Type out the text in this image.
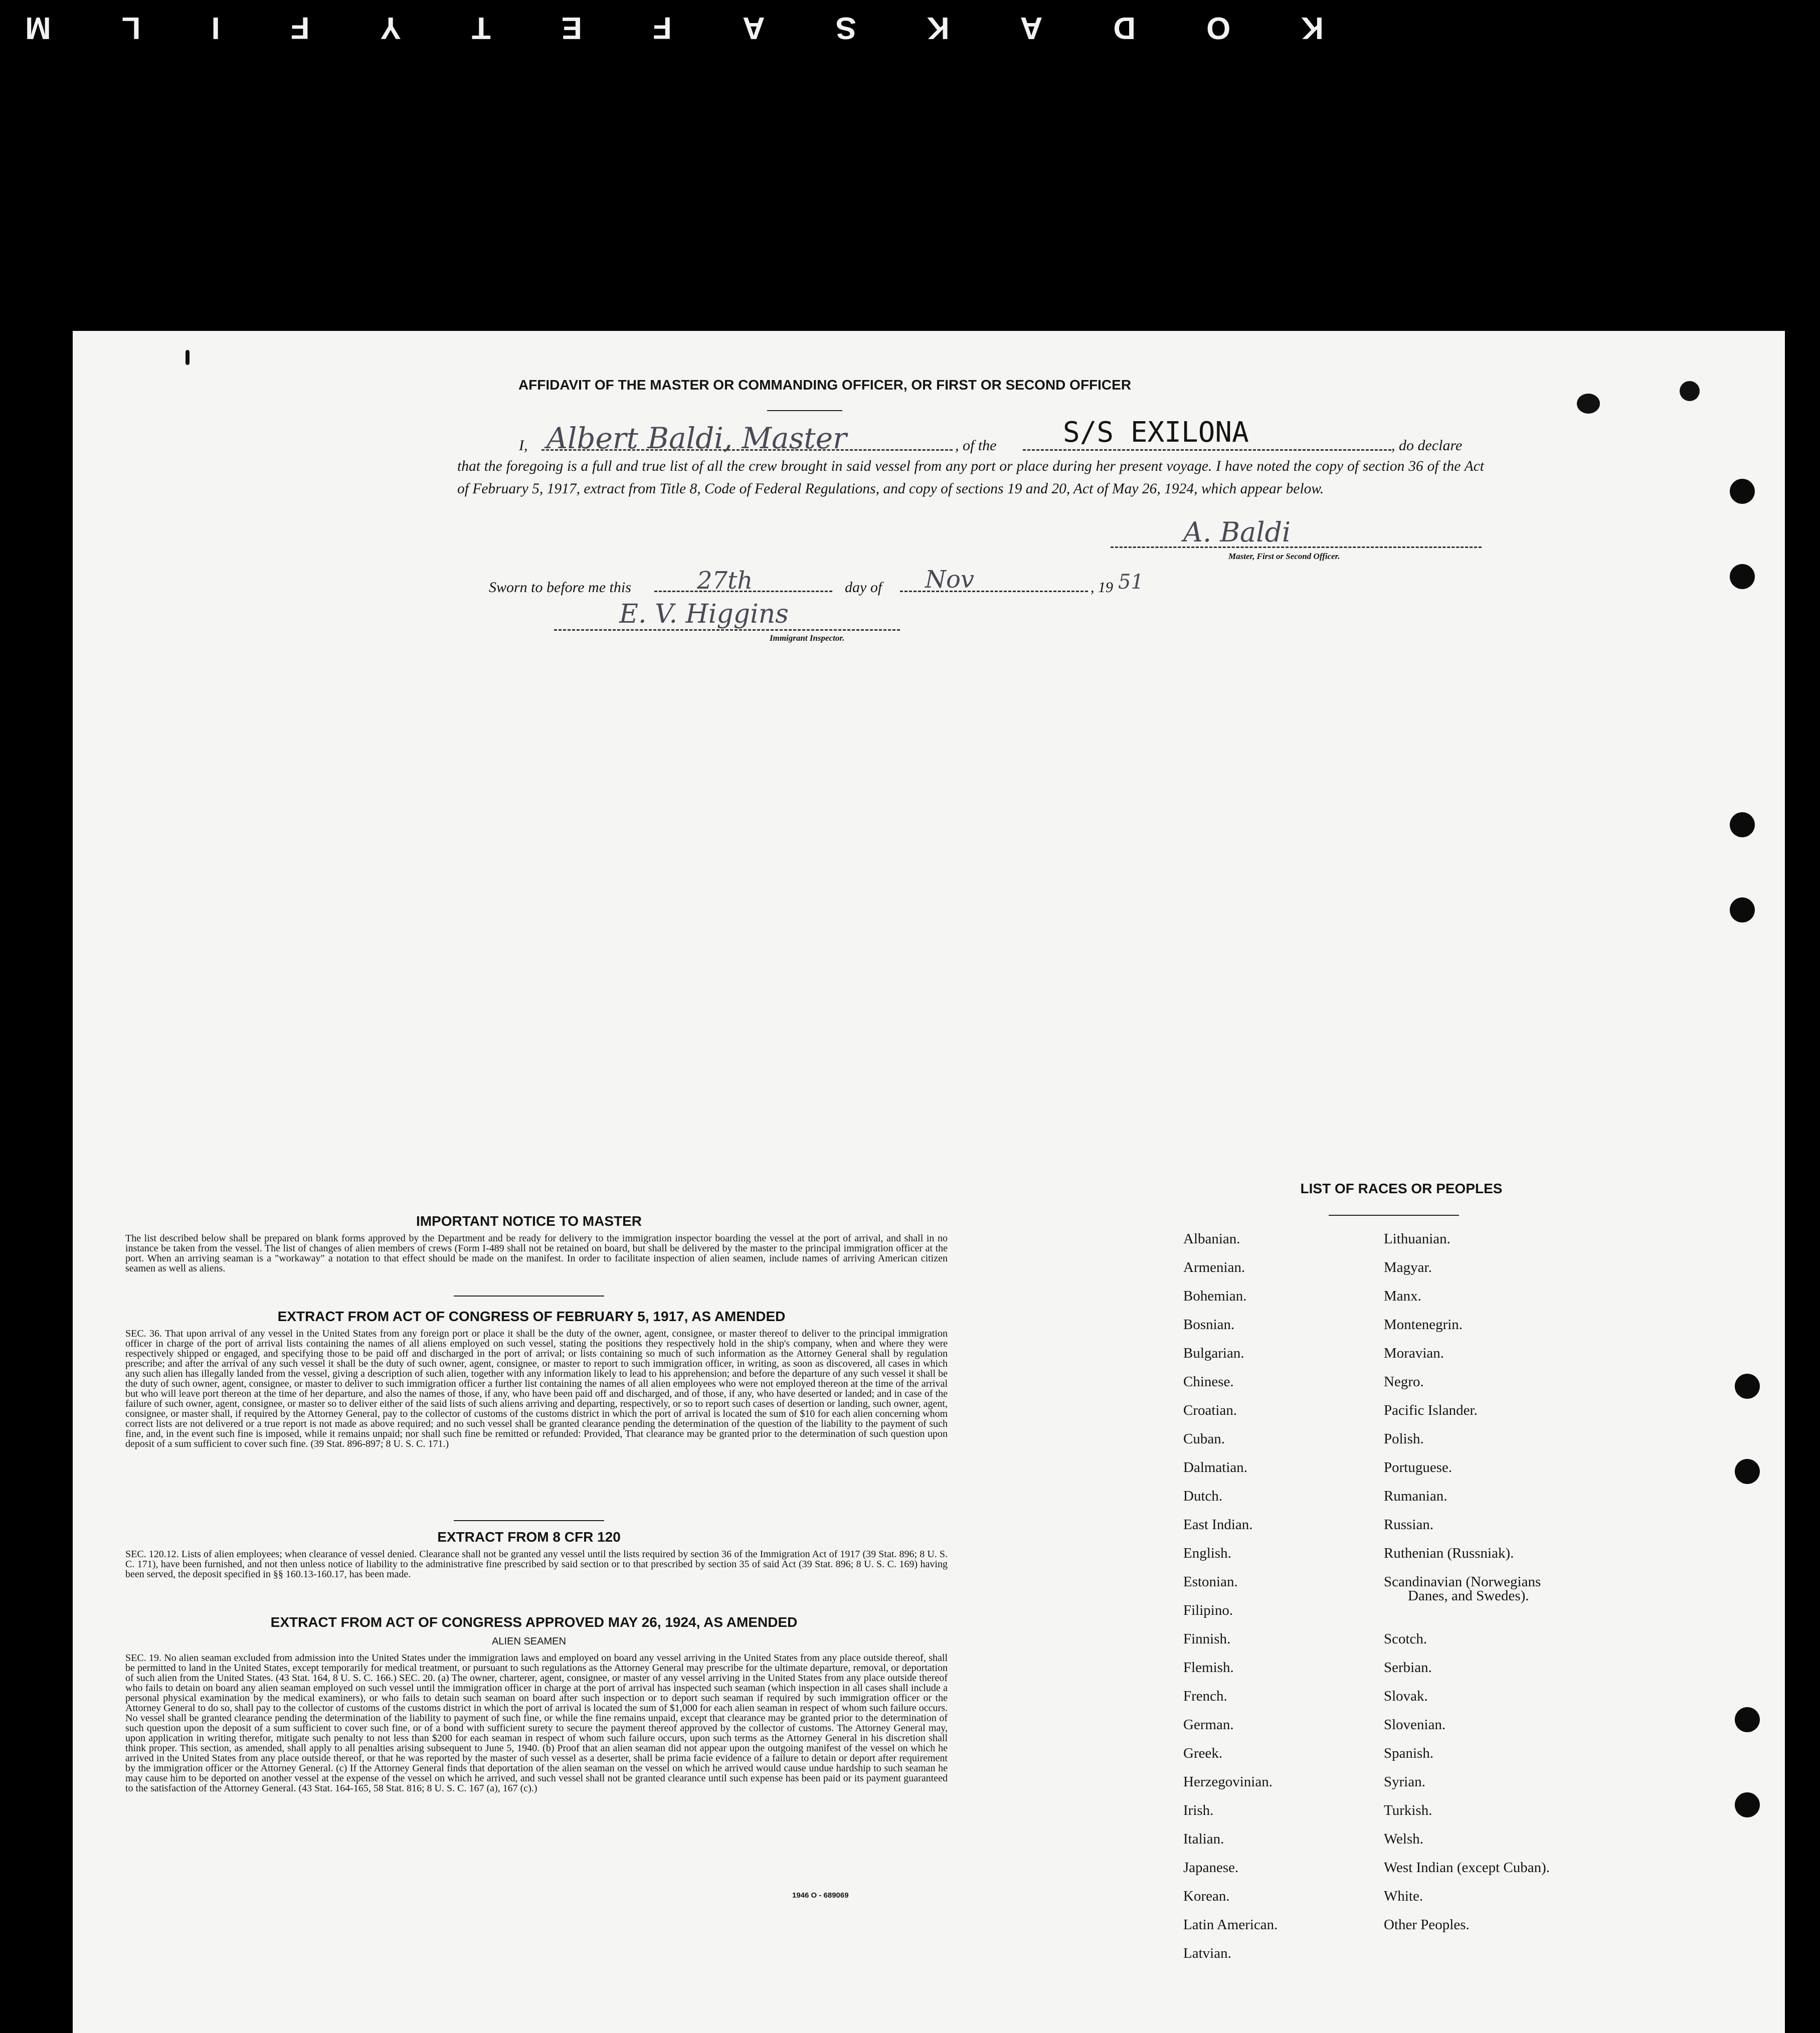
K
O
D
A
K
S
A
F
E
T
Y
F
I
L
M
AFFIDAVIT OF THE MASTER OR COMMANDING OFFICER, OR FIRST OR SECOND OFFICER
I, Albert Baldi, Master	, of the S/S EXILONA	, do declare
that the foregoing is a full and true list of all the crew brought in said vessel from any port or place during her present voyage. I have noted the copy of section 36 of the Act of February 5, 1917, extract from Title 8, Code of Federal Regulations, and copy of sections 19 and 20, Act of May 26, 1924, which appear below.
A. Baldi
Master, First or Second Officer.
Sworn to before me this	27th	day of Nov	, 19 51
E. V. Higgins
Immigrant Inspector.
IMPORTANT NOTICE TO MASTER
The list described below shall be prepared on blank forms approved by the Department and be ready for delivery to the immigration inspector boarding the vessel at the port of arrival, and shall in no instance be taken from the vessel. The list of changes of alien members of crews (Form I-489 shall not be retained on board, but shall be delivered by the master to the principal immigration officer at the port. When an arriving seaman is a "workaway" a notation to that effect should be made on the manifest. In order to facilitate inspection of alien seamen, include names of arriving American citizen seamen as well as aliens.
EXTRACT FROM ACT OF CONGRESS OF FEBRUARY 5, 1917, AS AMENDED
SEC. 36. That upon arrival of any vessel in the United States from any foreign port or place it shall be the duty of the owner, agent, consignee, or master thereof to deliver to the principal immigration officer in charge of the port of arrival lists containing the names of all aliens employed on such vessel, stating the positions they respectively hold in the ship's company, when and where they were respectively shipped or engaged, and specifying those to be paid off and discharged in the port of arrival; or lists containing so much of such information as the Attorney General shall by regulation prescribe; and after the arrival of any such vessel it shall be the duty of such owner, agent, consignee, or master to report to such immigration officer, in writing, as soon as discovered, all cases in which any such alien has illegally landed from the vessel, giving a description of such alien, together with any information likely to lead to his apprehension; and before the departure of any such vessel it shall be the duty of such owner, agent, consignee, or master to deliver to such immigration officer a further list containing the names of all alien employees who were not employed thereon at the time of the arrival but who will leave port thereon at the time of her departure, and also the names of those, if any, who have been paid off and discharged, and of those, if any, who have deserted or landed; and in case of the failure of such owner, agent, consignee, or master so to deliver either of the said lists of such aliens arriving and departing, respectively, or so to report such cases of desertion or landing, such owner, agent, consignee, or master shall, if required by the Attorney General, pay to the collector of customs of the customs district in which the port of arrival is located the sum of $10 for each alien concerning whom correct lists are not delivered or a true report is not made as above required; and no such vessel shall be granted clearance pending the determination of the question of the liability to the payment of such fine, and, in the event such fine is imposed, while it remains unpaid; nor shall such fine be remitted or refunded: Provided, That clearance may be granted prior to the determination of such question upon deposit of a sum sufficient to cover such fine. (39 Stat. 896-897; 8 U. S. C. 171.)
EXTRACT FROM 8 CFR 120
SEC. 120.12. Lists of alien employees; when clearance of vessel denied. Clearance shall not be granted any vessel until the lists required by section 36 of the Immigration Act of 1917 (39 Stat. 896; 8 U. S. C. 171), have been furnished, and not then unless notice of liability to the administrative fine prescribed by said section or to that prescribed by section 35 of said Act (39 Stat. 896; 8 U. S. C. 169) having been served, the deposit specified in §§ 160.13-160.17, has been made.
EXTRACT FROM ACT OF CONGRESS APPROVED MAY 26, 1924, AS AMENDED
ALIEN SEAMEN
SEC. 19. No alien seaman excluded from admission into the United States under the immigration laws and employed on board any vessel arriving in the United States from any place outside thereof, shall be permitted to land in the United States, except temporarily for medical treatment, or pursuant to such regulations as the Attorney General may prescribe for the ultimate departure, removal, or deportation of such alien from the United States. (43 Stat. 164, 8 U. S. C. 166.) SEC. 20. (a) The owner, charterer, agent, consignee, or master of any vessel arriving in the United States from any place outside thereof who fails to detain on board any alien seaman employed on such vessel until the immigration officer in charge at the port of arrival has inspected such seaman (which inspection in all cases shall include a personal physical examination by the medical examiners), or who fails to detain such seaman on board after such inspection or to deport such seaman if required by such immigration officer or the Attorney General to do so, shall pay to the collector of customs of the customs district in which the port of arrival is located the sum of $1,000 for each alien seaman in respect of whom such failure occurs. No vessel shall be granted clearance pending the determination of the liability to payment of such fine, or while the fine remains unpaid, except that clearance may be granted prior to the determination of such question upon the deposit of a sum sufficient to cover such fine, or of a bond with sufficient surety to secure the payment thereof approved by the collector of customs. The Attorney General may, upon application in writing therefor, mitigate such penalty to not less than $200 for each seaman in respect of whom such failure occurs, upon such terms as the Attorney General in his discretion shall think proper. This section, as amended, shall apply to all penalties arising subsequent to June 5, 1940. (b) Proof that an alien seaman did not appear upon the outgoing manifest of the vessel on which he arrived in the United States from any place outside thereof, or that he was reported by the master of such vessel as a deserter, shall be prima facie evidence of a failure to detain or deport after requirement by the immigration officer or the Attorney General. (c) If the Attorney General finds that deportation of the alien seaman on the vessel on which he arrived would cause undue hardship to such seaman he may cause him to be deported on another vessel at the expense of the vessel on which he arrived, and such vessel shall not be granted clearance until such expense has been paid or its payment guaranteed to the satisfaction of the Attorney General. (43 Stat. 164-165, 58 Stat. 816; 8 U. S. C. 167 (a), 167 (c).)
1946 O - 689069
LIST OF RACES OR PEOPLES
Albanian.
Armenian.
Bohemian.
Bosnian.
Bulgarian.
Chinese.
Croatian.
Cuban.
Dalmatian.
Dutch.
East Indian.
English.
Estonian.
Filipino.
Finnish.
Flemish.
French.
German.
Greek.
Herzegovinian.
Irish.
Italian.
Japanese.
Korean.
Latin American.
Latvian.
Lithuanian.
Magyar.
Manx.
Montenegrin.
Moravian.
Negro.
Pacific Islander.
Polish.
Portuguese.
Rumanian.
Russian.
Ruthenian (Russniak).
Scandinavian (Norwegians
Danes, and Swedes).
Scotch.
Serbian.
Slovak.
Slovenian.
Spanish.
Syrian.
Turkish.
Welsh.
West Indian (except Cuban).
White.
Other Peoples.
